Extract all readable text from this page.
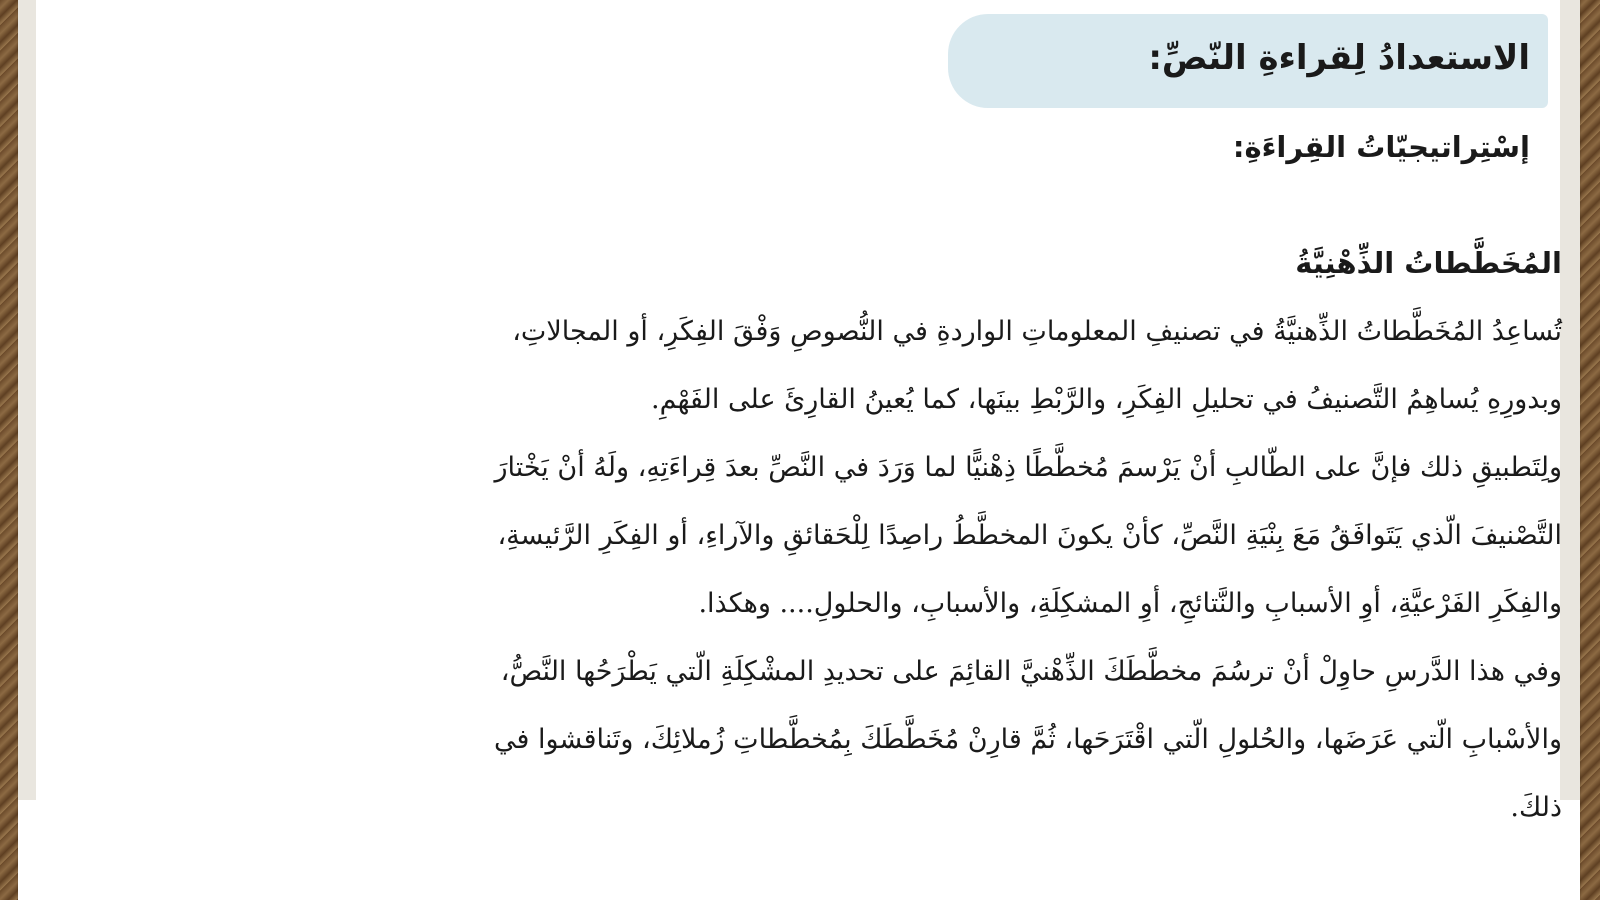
الاستعدادُ لِقراءةِ النّصِّ:
إسْتِراتيجيّاتُ القِراءَةِ:
المُخَطَّطاتُ الذِّهْنِيَّةُ
تُساعِدُ المُخَطَّطاتُ الذِّهنيَّةُ في تصنيفِ المعلوماتِ الواردةِ في النُّصوصِ وَفْقَ الفِكَرِ، أو المجالاتِ،
وبدورِهِ يُساهِمُ التَّصنيفُ في تحليلِ الفِكَرِ، والرَّبْطِ بينَها، كما يُعينُ القارِئَ على الفَهْمِ.
ولِتَطبيقِ ذلك فإنَّ على الطّالبِ أنْ يَرْسمَ مُخطَّطًا ذِهْنيًّا لما وَرَدَ في النَّصِّ بعدَ قِراءَتِهِ، ولَهُ أنْ يَخْتارَ
التَّصْنيفَ الّذي يَتَوافَقُ مَعَ بِنْيَةِ النَّصِّ، كأنْ يكونَ المخطَّطُ راصِدًا لِلْحَقائقِ والآراءِ، أو الفِكَرِ الرَّئيسةِ،
والفِكَرِ الفَرْعيَّةِ، أوِ الأسبابِ والنَّتائجِ، أوِ المشكِلَةِ، والأسبابِ، والحلولِ.... وهكذا.
وفي هذا الدَّرسِ حاوِلْ أنْ ترسُمَ مخطَّطَكَ الذِّهْنيَّ القائِمَ على تحديدِ المشْكِلَةِ الّتي يَطْرَحُها النَّصُّ،
والأسْبابِ الّتي عَرَضَها، والحُلولِ الّتي اقْتَرَحَها، ثُمَّ قارِنْ مُخَطَّطَكَ بِمُخطَّطاتِ زُملائِكَ، وتَناقشوا في
ذلكَ.
